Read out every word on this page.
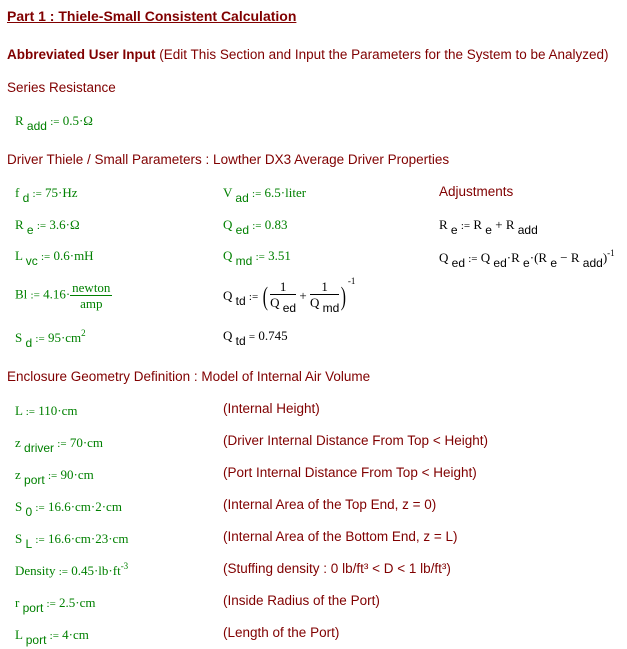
Part 1 : Thiele-Small Consistent Calculation
Abbreviated User Input (Edit This Section and Input the Parameters for the System to be Analyzed)
Series Resistance
R $_{add}$ := 0.5·Ω
Driver Thiele / Small Parameters : Lowther DX3 Average Driver Properties
f $_d$ := 75·Hz
R $_e$ := 3.6·Ω
L $_{vc}$ := 0.6·mH
Bl := $4.16\cdot \frac{\text{newton}}{\text{amp}}$
S $_d$ := $95\cdot cm^2$
V $_{ad}$ := 6.5·liter
Q $_{ed}$ := 0.83
Q $_{md}$ := 3.51
Q $_{td}$ := ( $\frac{1}{Q _{ed}} + \frac{1}{Q _{md}} )^{-1}$
Q $_{td}$ = 0.745
Adjustments
R $_e$ := R $_e$ + R $_{add}$
Q $_{ed}$ := Q $_{ed}$·R $_e$·(R $_e$ − R $_{add}$)$^{-1}$
Enclosure Geometry Definition : Model of Internal Air Volume
L := 110·cm	(Internal Height)
z $_{driver}$ := 70·cm	(Driver Internal Distance From Top < Height)
z $_{port}$ := 90·cm	(Port Internal Distance From Top < Height)
S $_0$ := 16.6·cm·2·cm	(Internal Area of the Top End, z = 0)
S $_L$ := 16.6·cm·23·cm	(Internal Area of the Bottom End, z = L)
Density := $0.45\cdot lb\cdot ft^{-3}$	(Stuffing density : 0 lb/ft³ < D < 1 lb/ft³)
r $_{port}$ := 2.5·cm	(Inside Radius of the Port)
L $_{port}$ := 4·cm	(Length of the Port)
